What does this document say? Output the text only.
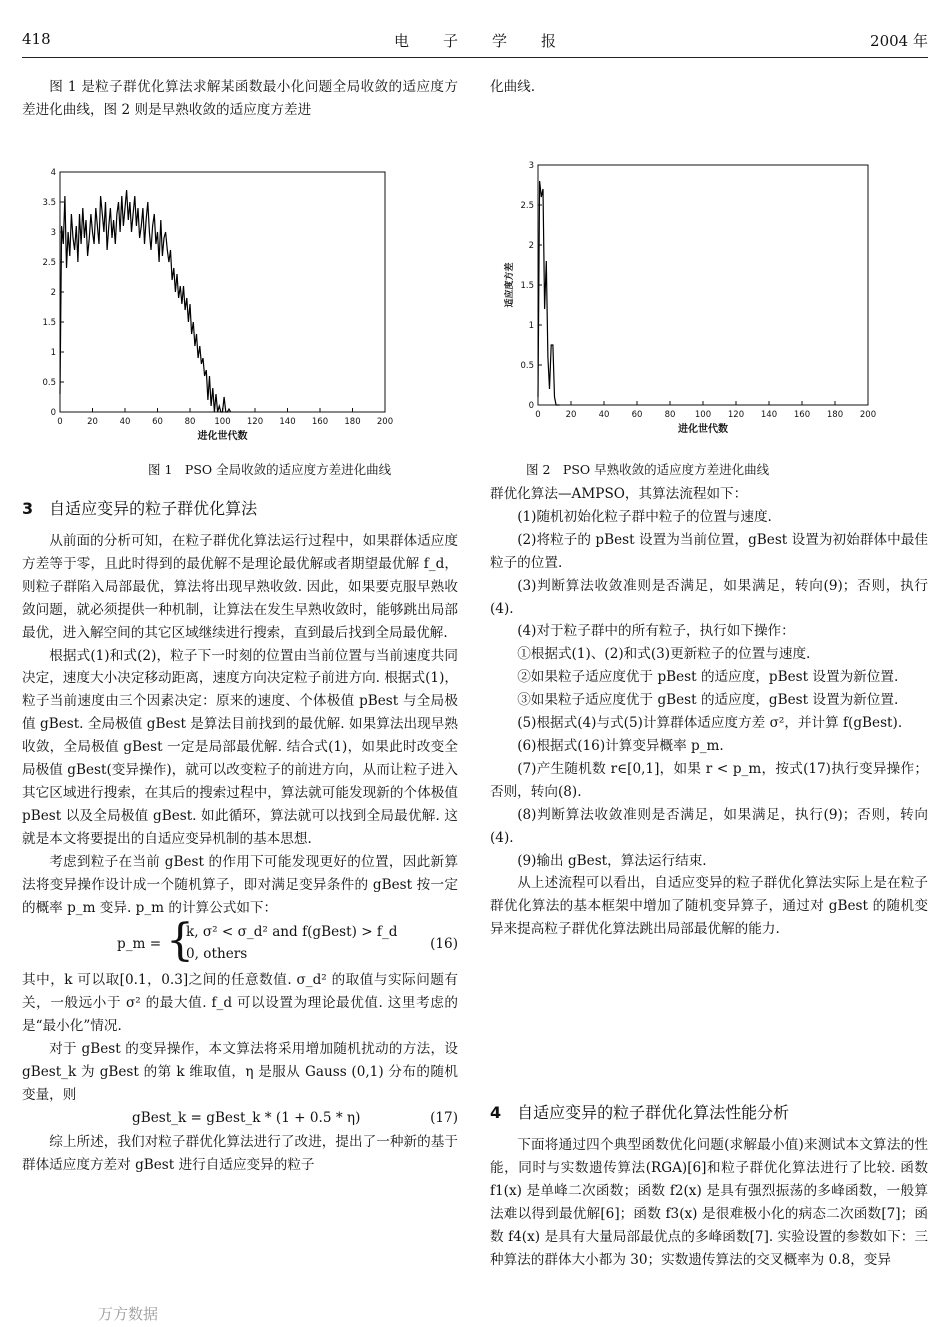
418	电子学报	2004 年

图 1 是粒子群优化算法求解某函数最小化问题全局收敛的适应度方差进化曲线，图 2 则是早熟收敛的适应度方差进

化曲线.

0	20	40	60	80 100 120 140 160 180 200
0
0.5
1
1.5
2
2.5
3
3.5
4
进化世代数
图 1　PSO 全局收敛的适应度方差进化曲线
0	20	40	60	80 100 120 140 160 180 200
0
0.5
1
1.5
2
2.5
3
进化世代数
适应度方差
图 2　PSO 早熟收敛的适应度方差进化曲线
3 自适应变异的粒子群优化算法

从前面的分析可知，在粒子群优化算法运行过程中，如果群体适应度方差等于零，且此时得到的最优解不是理论最优解或者期望最优解 f_d，则粒子群陷入局部最优，算法将出现早熟收敛. 因此，如果要克服早熟收敛问题，就必须提供一种机制，让算法在发生早熟收敛时，能够跳出局部最优，进入解空间的其它区域继续进行搜索，直到最后找到全局最优解.

根据式(1)和式(2)，粒子下一时刻的位置由当前位置与当前速度共同决定，速度大小决定移动距离，速度方向决定粒子前进方向. 根据式(1)，粒子当前速度由三个因素决定：原来的速度、个体极值 pBest 与全局极值 gBest. 全局极值 gBest 是算法目前找到的最优解. 如果算法出现早熟收敛，全局极值 gBest 一定是局部最优解. 结合式(1)，如果此时改变全局极值 gBest(变异操作)，就可以改变粒子的前进方向，从而让粒子进入其它区域进行搜索，在其后的搜索过程中，算法就可能发现新的个体极值 pBest 以及全局极值 gBest. 如此循环，算法就可以找到全局最优解. 这就是本文将要提出的自适应变异机制的基本思想.

考虑到粒子在当前 gBest 的作用下可能发现更好的位置，因此新算法将变异操作设计成一个随机算子，即对满足变异条件的 gBest 按一定的概率 p_m 变异. p_m 的计算公式如下：

p_m = {
k, σ² < σ_d² and f(gBest) > f_d
0, others
(16)

其中，k 可以取[0.1，0.3]之间的任意数值. σ_d² 的取值与实际问题有关，一般远小于 σ² 的最大值. f_d 可以设置为理论最优值. 这里考虑的是“最小化”情况.

对于 gBest 的变异操作，本文算法将采用增加随机扰动的方法，设 gBest_k 为 gBest 的第 k 维取值，η 是服从 Gauss (0,1) 分布的随机变量，则

gBest_k = gBest_k * (1 + 0.5 * η)	(17)

综上所述，我们对粒子群优化算法进行了改进，提出了一种新的基于群体适应度方差对 gBest 进行自适应变异的粒子

万方数据

群优化算法—AMPSO，其算法流程如下：

(1)随机初始化粒子群中粒子的位置与速度.

(2)将粒子的 pBest 设置为当前位置，gBest 设置为初始群体中最佳粒子的位置.

(3)判断算法收敛准则是否满足，如果满足，转向(9)；否则，执行(4).

(4)对于粒子群中的所有粒子，执行如下操作：

①根据式(1)、(2)和式(3)更新粒子的位置与速度.

②如果粒子适应度优于 pBest 的适应度，pBest 设置为新位置.

③如果粒子适应度优于 gBest 的适应度，gBest 设置为新位置.

(5)根据式(4)与式(5)计算群体适应度方差 σ²，并计算 f(gBest).

(6)根据式(16)计算变异概率 p_m.

(7)产生随机数 r∈[0,1]，如果 r < p_m，按式(17)执行变异操作；否则，转向(8).

(8)判断算法收敛准则是否满足，如果满足，执行(9)；否则，转向(4).

(9)输出 gBest，算法运行结束.

从上述流程可以看出，自适应变异的粒子群优化算法实际上是在粒子群优化算法的基本框架中增加了随机变异算子，通过对 gBest 的随机变异来提高粒子群优化算法跳出局部最优解的能力.

4 自适应变异的粒子群优化算法性能分析

下面将通过四个典型函数优化问题(求解最小值)来测试本文算法的性能，同时与实数遗传算法(RGA)[6]和粒子群优化算法进行了比较. 函数 f1(x) 是单峰二次函数；函数 f2(x) 是具有强烈振荡的多峰函数，一般算法难以得到最优解[6]；函数 f3(x) 是很难极小化的病态二次函数[7]；函数 f4(x) 是具有大量局部最优点的多峰函数[7]. 实验设置的参数如下：三种算法的群体大小都为 30；实数遗传算法的交叉概率为 0.8，变异
